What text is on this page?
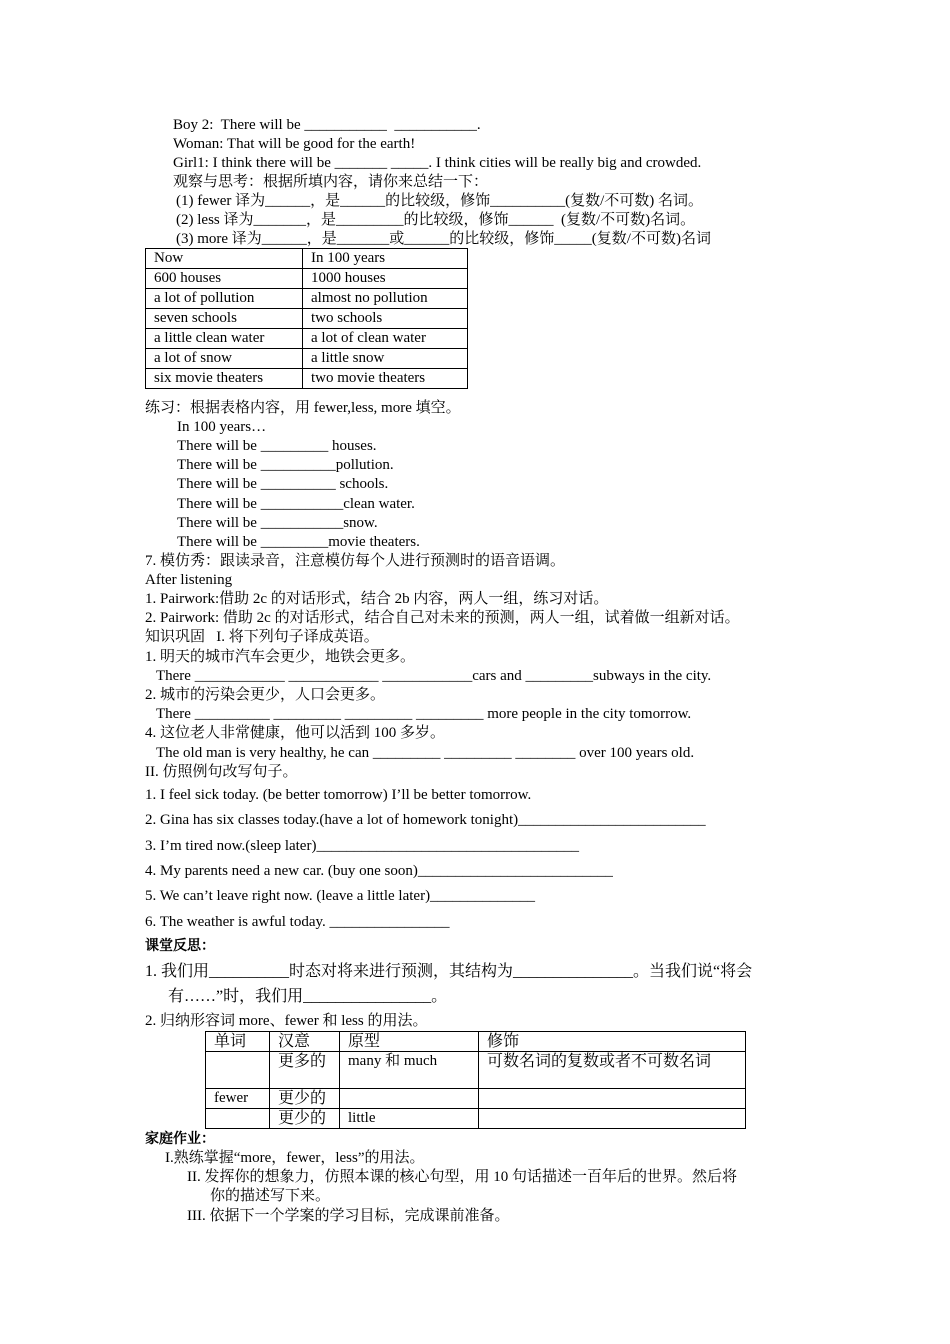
Boy 2:  There will be ___________  ___________.
Woman: That will be good for the earth!
Girl1: I think there will be _______ _____. I think cities will be really big and crowded.
观察与思考：根据所填内容，请你来总结一下：
(1) fewer 译为______，是______的比较级，修饰__________(复数/不可数) 名词。
(2) less 译为_______，是_________的比较级，修饰______  (复数/不可数)名词。
(3) more 译为______，是_______或______的比较级，修饰_____(复数/不可数)名词
Now	In 100 years
600 houses	1000 houses
a lot of pollution	almost no pollution
seven schools	two schools
a little clean water	a lot of clean water
a lot of snow	a little snow
six movie theaters	two movie theaters
练习：根据表格内容，用 fewer,less, more 填空。
In 100 years…
There will be _________ houses.
There will be __________pollution.
There will be __________ schools.
There will be ___________clean water.
There will be ___________snow.
There will be _________movie theaters.
7. 模仿秀：跟读录音，注意模仿每个人进行预测时的语音语调。
After listening
1. Pairwork:借助 2c 的对话形式，结合 2b 内容，两人一组，练习对话。
2. Pairwork: 借助 2c 的对话形式，结合自己对未来的预测，两人一组，试着做一组新对话。
知识巩固   I. 将下列句子译成英语。
1. 明天的城市汽车会更少，地铁会更多。
There ____________ ____________ ____________cars and _________subways in the city.
2. 城市的污染会更少，人口会更多。
There __________ _________ _________ _________ more people in the city tomorrow.
4. 这位老人非常健康，他可以活到 100 多岁。
The old man is very healthy, he can _________ _________ ________ over 100 years old.
II. 仿照例句改写句子。
1. I feel sick today. (be better tomorrow) I’ll be better tomorrow.
2. Gina has six classes today.(have a lot of homework tonight)_________________________
3. I’m tired now.(sleep later)___________________________________
4. My parents need a new car. (buy one soon)__________________________
5. We can’t leave right now. (leave a little later)______________
6. The weather is awful today. ________________
课堂反思：
1. 我们用__________时态对将来进行预测，其结构为_______________。当我们说“将会
有……”时，我们用________________。
2. 归纳形容词 more、fewer 和 less 的用法。
单词	汉意	原型	修饰
	更多的	many 和 much	可数名词的复数或者不可数名词
fewer	更少的		
	更少的	little	
家庭作业：
I.熟练掌握“more，fewer，less”的用法。
II. 发挥你的想象力，仿照本课的核心句型，用 10 句话描述一百年后的世界。然后将
你的描述写下来。
III. 依据下一个学案的学习目标，完成课前准备。
